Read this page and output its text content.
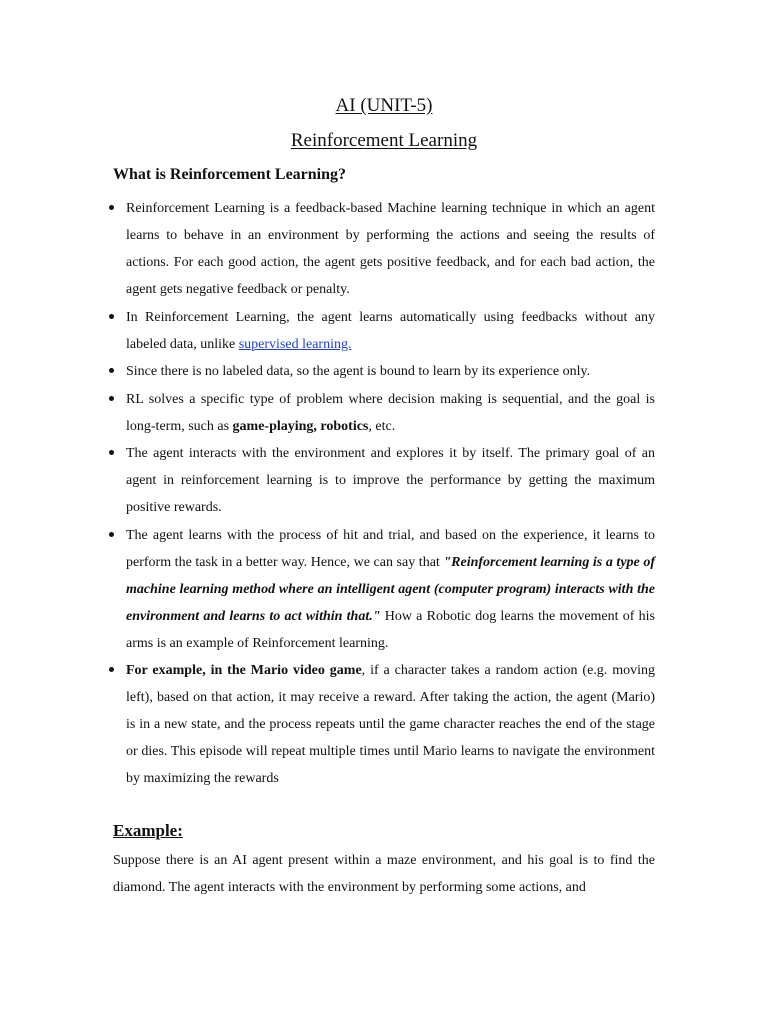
AI (UNIT-5)
Reinforcement Learning
What is Reinforcement Learning?

Reinforcement Learning is a feedback-based Machine learning technique in which an agent learns to behave in an environment by performing the actions and seeing the results of actions. For each good action, the agent gets positive feedback, and for each bad action, the agent gets negative feedback or penalty.

In Reinforcement Learning, the agent learns automatically using feedbacks without any labeled data, unlike supervised learning.

Since there is no labeled data, so the agent is bound to learn by its experience only.

RL solves a specific type of problem where decision making is sequential, and the goal is long-term, such as game-playing, robotics, etc.

The agent interacts with the environment and explores it by itself. The primary goal of an agent in reinforcement learning is to improve the performance by getting the maximum positive rewards.

The agent learns with the process of hit and trial, and based on the experience, it learns to perform the task in a better way. Hence, we can say that "Reinforcement learning is a type of machine learning method where an intelligent agent (computer program) interacts with the environment and learns to act within that." How a Robotic dog learns the movement of his arms is an example of Reinforcement learning.

For example, in the Mario video game, if a character takes a random action (e.g. moving left), based on that action, it may receive a reward. After taking the action, the agent (Mario) is in a new state, and the process repeats until the game character reaches the end of the stage or dies. This episode will repeat multiple times until Mario learns to navigate the environment by maximizing the rewards

Example:

Suppose there is an AI agent present within a maze environment, and his goal is to find the diamond. The agent interacts with the environment by performing some actions, and
